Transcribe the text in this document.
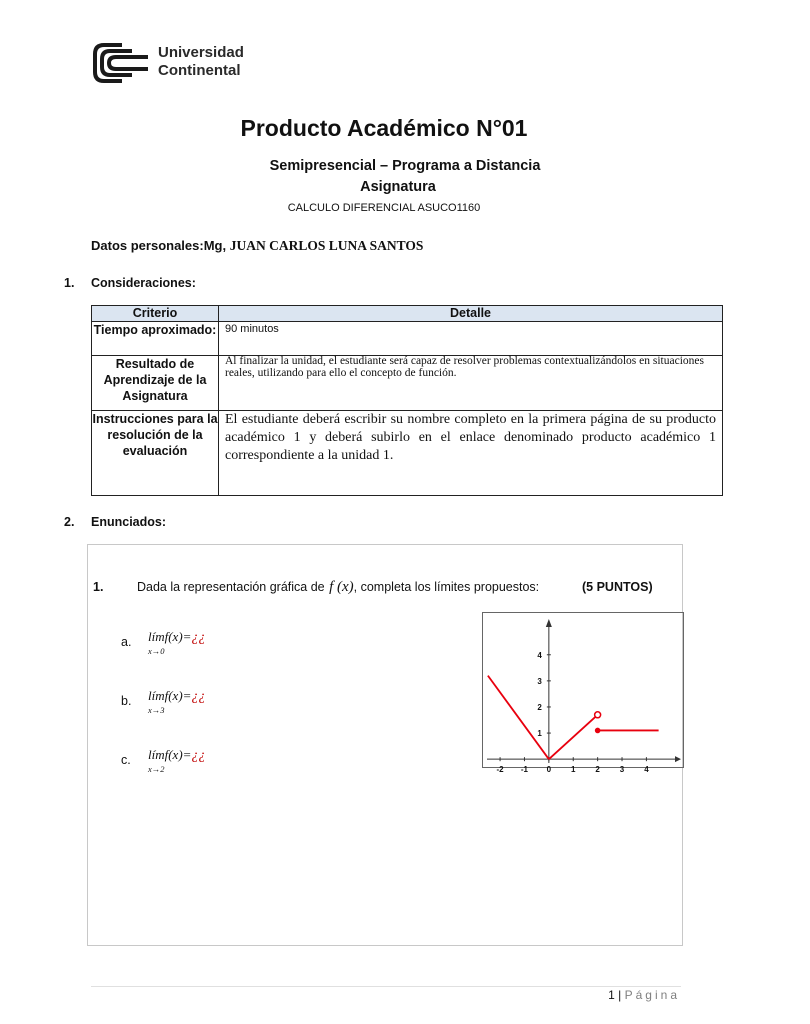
Universidad
Continental
Producto Académico N°01
Semipresencial – Programa a Distancia
Asignatura
CALCULO DIFERENCIAL ASUCO1160
Datos personales:Mg, JUAN CARLOS LUNA SANTOS
1. Consideraciones:
Criterio	Detalle
Tiempo aproximado:	90 minutos
Resultado de Aprendizaje de la Asignatura	Al finalizar la unidad, el estudiante será capaz de resolver problemas contextualizándolos en situaciones reales, utilizando para ello el concepto de función.
Instrucciones para la resolución de la evaluación	El estudiante deberá escribir su nombre completo en la primera página de su producto académico 1 y deberá subirlo en el enlace denominado producto académico 1 correspondiente a la unidad 1.
2. Enunciados:
1.	Dada la representación gráfica de f (x), completa los límites propuestos:	(5 PUNTOS)
a. límf(x)=¿¿
x→0
b. límf(x)=¿¿
x→3
c. límf(x)=¿¿
x→2	-2 -1 0 1 2 3 4
1
2
3
4
1 | Página
